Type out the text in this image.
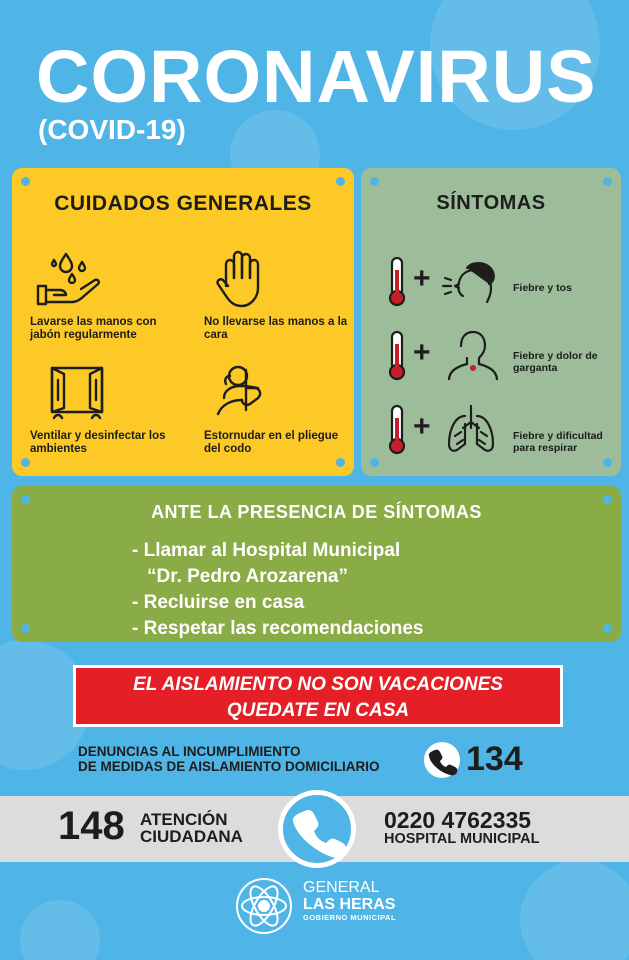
CORONAVIRUS
(COVID-19)
CUIDADOS GENERALES
Lavarse las manos con jabón regularmente
No llevarse las manos a la cara
Ventilar y desinfectar los ambientes
Estornudar en el pliegue del codo
SÍNTOMAS
+	Fiebre y tos
+	Fiebre y dolor de garganta
+	Fiebre y dificultad para respirar
ANTE LA PRESENCIA DE SÍNTOMAS
- Llamar al Hospital Municipal
“Dr. Pedro Arozarena”
- Recluirse en casa
- Respetar las recomendaciones
EL AISLAMIENTO NO SON VACACIONES
QUEDATE EN CASA
DENUNCIAS AL INCUMPLIMIENTO
DE MEDIDAS DE AISLAMIENTO DOMICILIARIO	134
148 ATENCIÓN
CIUDADANA
0220 4762335
HOSPITAL MUNICIPAL
GENERAL
LAS HERAS
GOBIERNO MUNICIPAL
